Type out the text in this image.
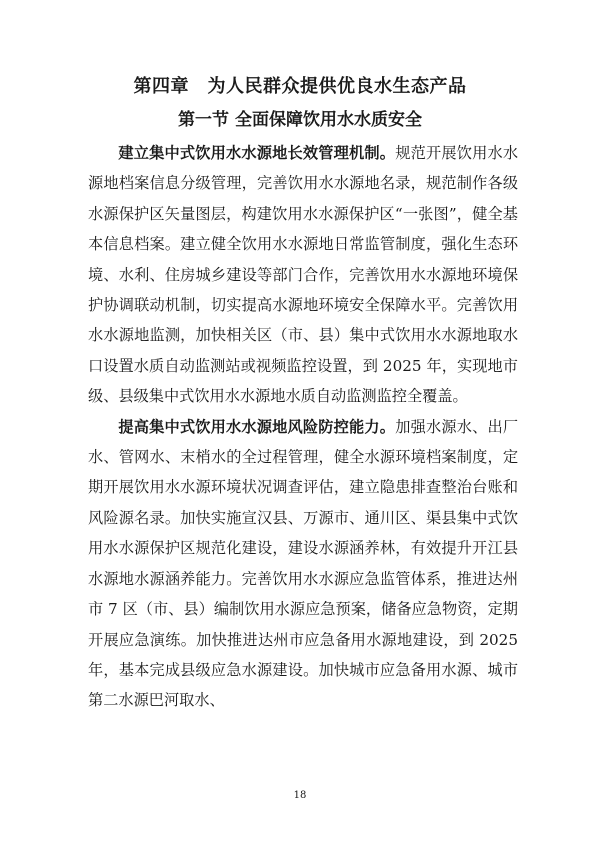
第四章　为人民群众提供优良水生态产品
第一节 全面保障饮用水水质安全

建立集中式饮用水水源地长效管理机制。规范开展饮用水水源地档案信息分级管理，完善饮用水水源地名录，规范制作各级水源保护区矢量图层，构建饮用水水源保护区“一张图”，健全基本信息档案。建立健全饮用水水源地日常监管制度，强化生态环境、水利、住房城乡建设等部门合作，完善饮用水水源地环境保护协调联动机制，切实提高水源地环境安全保障水平。完善饮用水水源地监测，加快相关区（市、县）集中式饮用水水源地取水口设置水质自动监测站或视频监控设置，到 2025 年，实现地市级、县级集中式饮用水水源地水质自动监测监控全覆盖。

提高集中式饮用水水源地风险防控能力。加强水源水、出厂水、管网水、末梢水的全过程管理，健全水源环境档案制度，定期开展饮用水水源环境状况调查评估，建立隐患排查整治台账和风险源名录。加快实施宣汉县、万源市、通川区、渠县集中式饮用水水源保护区规范化建设，建设水源涵养林，有效提升开江县水源地水源涵养能力。完善饮用水水源应急监管体系，推进达州市 7 区（市、县）编制饮用水源应急预案，储备应急物资，定期开展应急演练。加快推进达州市应急备用水源地建设，到 2025 年，基本完成县级应急水源建设。加快城市应急备用水源、城市第二水源巴河取水、

18
